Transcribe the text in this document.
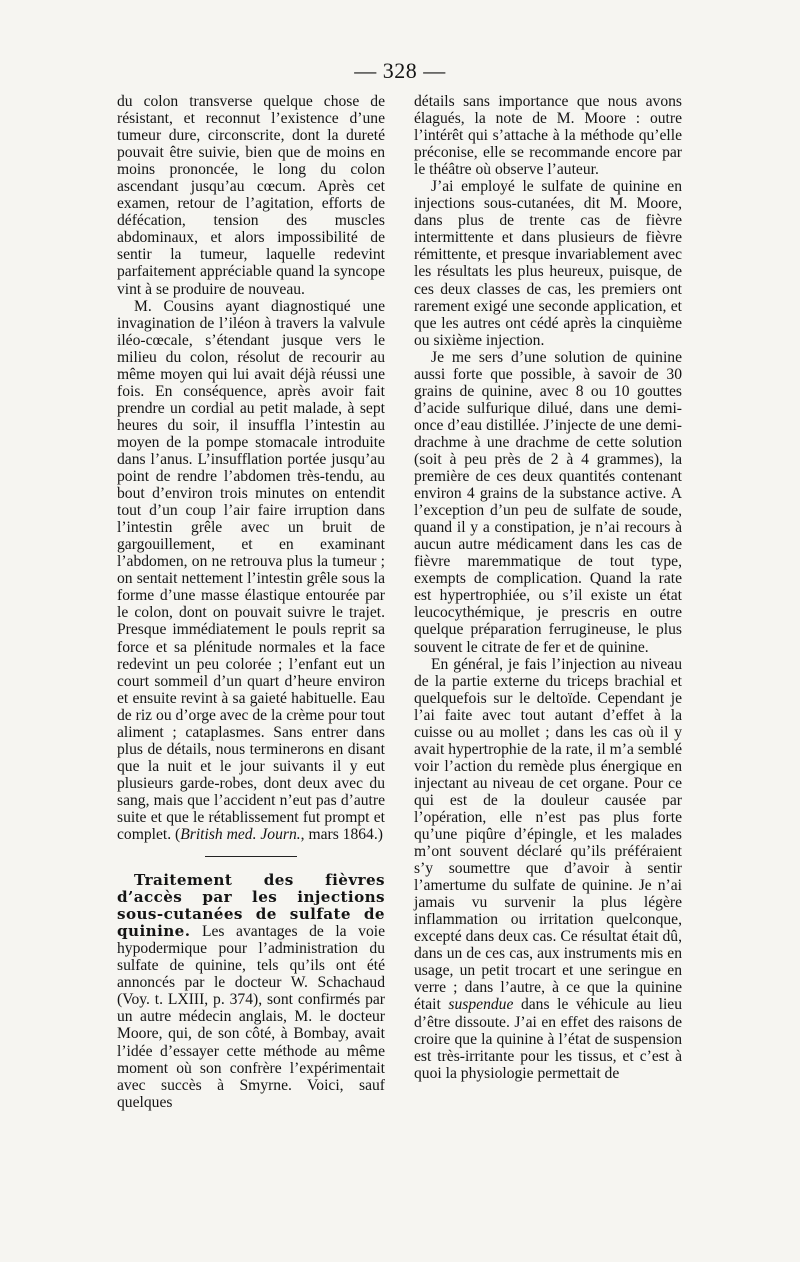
— 328 —

du colon transverse quelque chose de résistant, et reconnut l’existence d’une tumeur dure, circonscrite, dont la dureté pouvait être suivie, bien que de moins en moins prononcée, le long du colon ascendant jusqu’au cœcum. Après cet examen, retour de l’agitation, efforts de défécation, tension des muscles abdominaux, et alors impossibilité de sentir la tumeur, laquelle redevint parfaitement appréciable quand la syncope vint à se produire de nouveau.

M. Cousins ayant diagnostiqué une invagination de l’iléon à travers la valvule iléo-cœcale, s’étendant jusque vers le milieu du colon, résolut de recourir au même moyen qui lui avait déjà réussi une fois. En conséquence, après avoir fait prendre un cordial au petit malade, à sept heures du soir, il insuffla l’intestin au moyen de la pompe stomacale introduite dans l’anus. L’insufflation portée jusqu’au point de rendre l’abdomen très-tendu, au bout d’environ trois minutes on entendit tout d’un coup l’air faire irruption dans l’intestin grêle avec un bruit de gargouillement, et en examinant l’abdomen, on ne retrouva plus la tumeur ; on sentait nettement l’intestin grêle sous la forme d’une masse élastique entourée par le colon, dont on pouvait suivre le trajet. Presque immédiatement le pouls reprit sa force et sa plénitude normales et la face redevint un peu colorée ; l’enfant eut un court sommeil d’un quart d’heure environ et ensuite revint à sa gaieté habituelle. Eau de riz ou d’orge avec de la crème pour tout aliment ; cataplasmes. Sans entrer dans plus de détails, nous terminerons en disant que la nuit et le jour suivants il y eut plusieurs garde-robes, dont deux avec du sang, mais que l’accident n’eut pas d’autre suite et que le rétablissement fut prompt et complet. (British med. Journ., mars 1864.)

Traitement des fièvres d’accès par les injections sous-cutanées de sulfate de quinine. Les avantages de la voie hypodermique pour l’administration du sulfate de quinine, tels qu’ils ont été annoncés par le docteur W. Schachaud (Voy. t. LXIII, p. 374), sont confirmés par un autre médecin anglais, M. le docteur Moore, qui, de son côté, à Bombay, avait l’idée d’essayer cette méthode au même moment où son confrère l’expérimentait avec succès à Smyrne. Voici, sauf quelques

détails sans importance que nous avons élagués, la note de M. Moore : outre l’intérêt qui s’attache à la méthode qu’elle préconise, elle se recommande encore par le théâtre où observe l’auteur.

J’ai employé le sulfate de quinine en injections sous-cutanées, dit M. Moore, dans plus de trente cas de fièvre intermittente et dans plusieurs de fièvre rémittente, et presque invariablement avec les résultats les plus heureux, puisque, de ces deux classes de cas, les premiers ont rarement exigé une seconde application, et que les autres ont cédé après la cinquième ou sixième injection.

Je me sers d’une solution de quinine aussi forte que possible, à savoir de 30 grains de quinine, avec 8 ou 10 gouttes d’acide sulfurique dilué, dans une demi-once d’eau distillée. J’injecte de une demi-drachme à une drachme de cette solution (soit à peu près de 2 à 4 grammes), la première de ces deux quantités contenant environ 4 grains de la substance active. A l’exception d’un peu de sulfate de soude, quand il y a constipation, je n’ai recours à aucun autre médicament dans les cas de fièvre maremmatique de tout type, exempts de complication. Quand la rate est hypertrophiée, ou s’il existe un état leucocythémique, je prescris en outre quelque préparation ferrugineuse, le plus souvent le citrate de fer et de quinine.

En général, je fais l’injection au niveau de la partie externe du triceps brachial et quelquefois sur le deltoïde. Cependant je l’ai faite avec tout autant d’effet à la cuisse ou au mollet ; dans les cas où il y avait hypertrophie de la rate, il m’a semblé voir l’action du remède plus énergique en injectant au niveau de cet organe. Pour ce qui est de la douleur causée par l’opération, elle n’est pas plus forte qu’une piqûre d’épingle, et les malades m’ont souvent déclaré qu’ils préféraient s’y soumettre que d’avoir à sentir l’amertume du sulfate de quinine. Je n’ai jamais vu survenir la plus légère inflammation ou irritation quelconque, excepté dans deux cas. Ce résultat était dû, dans un de ces cas, aux instruments mis en usage, un petit trocart et une seringue en verre ; dans l’autre, à ce que la quinine était suspendue dans le véhicule au lieu d’être dissoute. J’ai en effet des raisons de croire que la quinine à l’état de suspension est très-irritante pour les tissus, et c’est à quoi la physiologie permettait de
